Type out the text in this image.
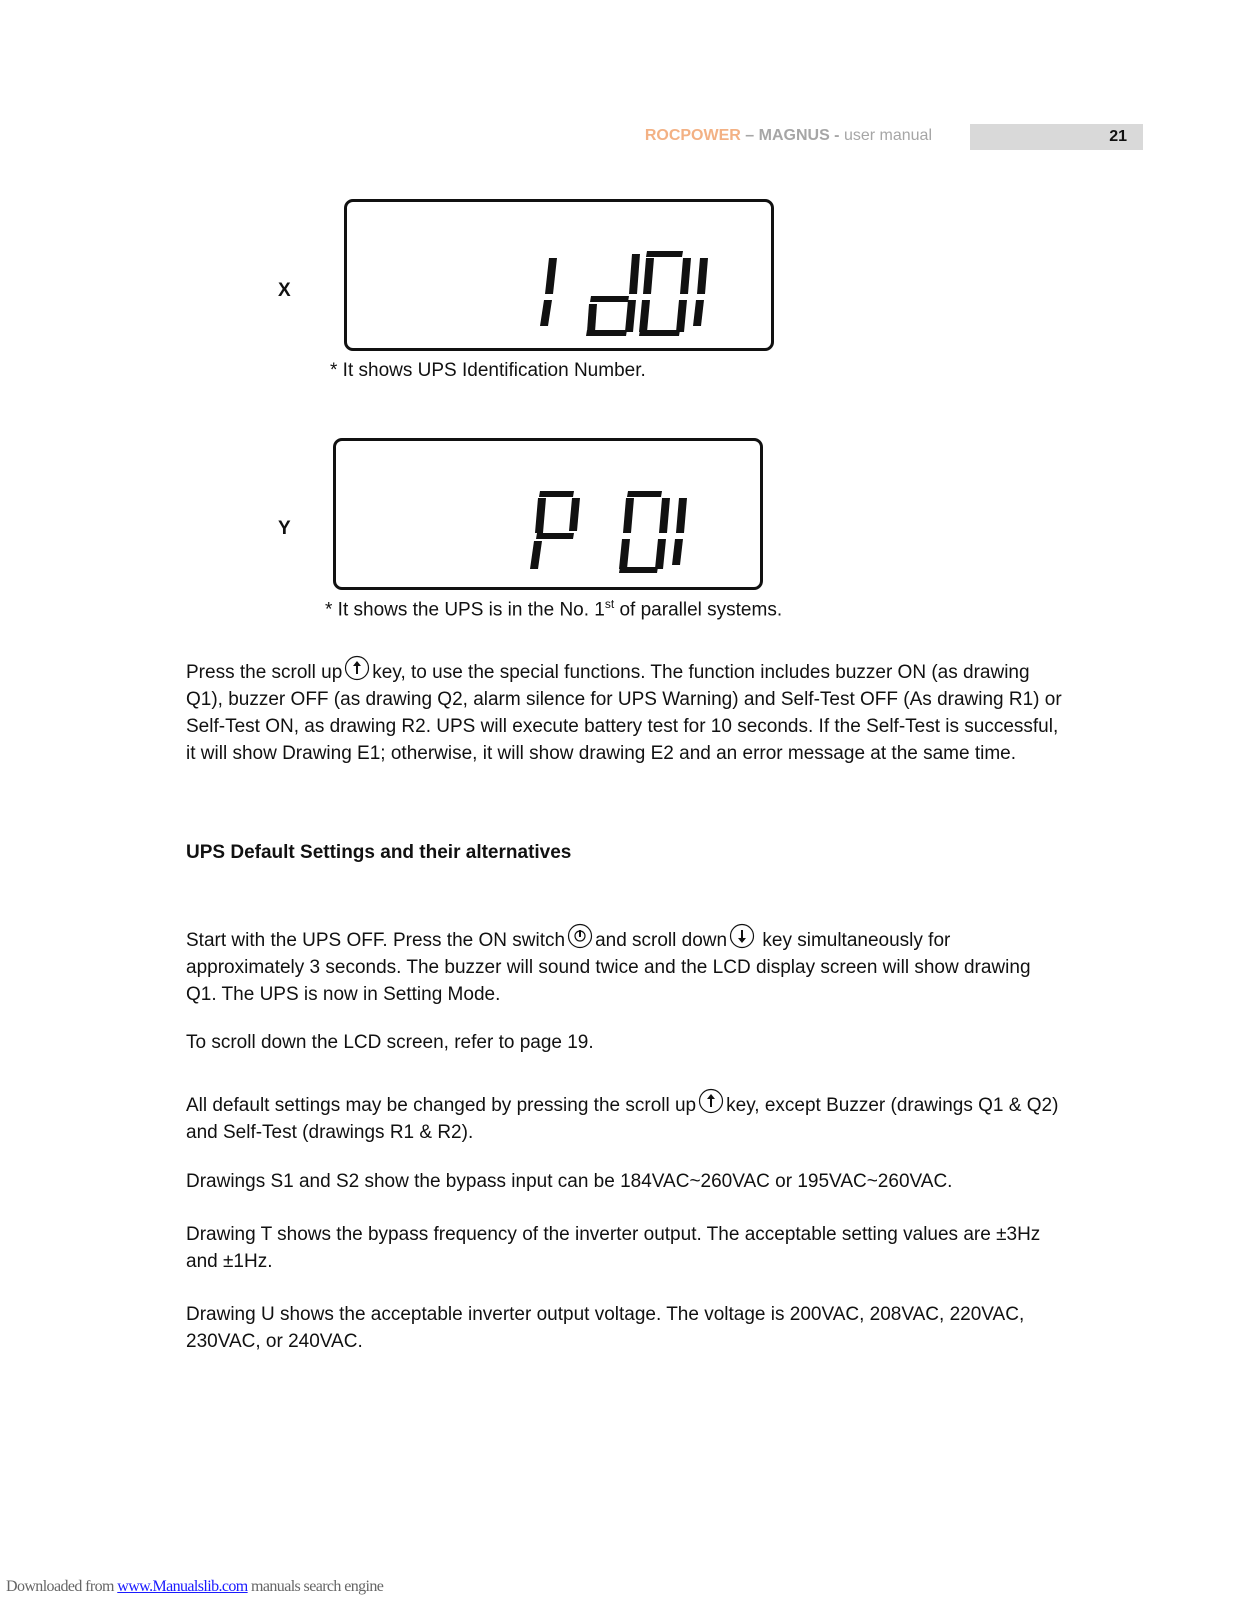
ROCPOWER – MAGNUS - user manual	21
X
* It shows UPS Identification Number.
Y
* It shows the UPS is in the No. 1st of parallel systems.

Press the scroll up key, to use the special functions. The function includes buzzer ON (as drawing Q1), buzzer OFF (as drawing Q2, alarm silence for UPS Warning) and Self-Test OFF (As drawing R1) or Self-Test ON, as drawing R2. UPS will execute battery test for 10 seconds. If the Self-Test is successful, it will show Drawing E1; otherwise, it will show drawing E2 and an error message at the same time.

UPS Default Settings and their alternatives

Start with the UPS OFF. Press the ON switch and scroll down
key simultaneously for approximately 3 seconds. The buzzer will sound twice and the LCD display screen will show drawing Q1. The UPS is now in Setting Mode.

To scroll down the LCD screen, refer to page 19.

All default settings may be changed by pressing the scroll up key, except Buzzer (drawings Q1 & Q2) and Self-Test (drawings R1 & R2).

Drawings S1 and S2 show the bypass input can be 184VAC~260VAC or 195VAC~260VAC.

Drawing T shows the bypass frequency of the inverter output. The acceptable setting values are ±3Hz and ±1Hz.

Drawing U shows the acceptable inverter output voltage. The voltage is 200VAC, 208VAC, 220VAC, 230VAC, or 240VAC.

Downloaded from www.Manualslib.com manuals search engine
